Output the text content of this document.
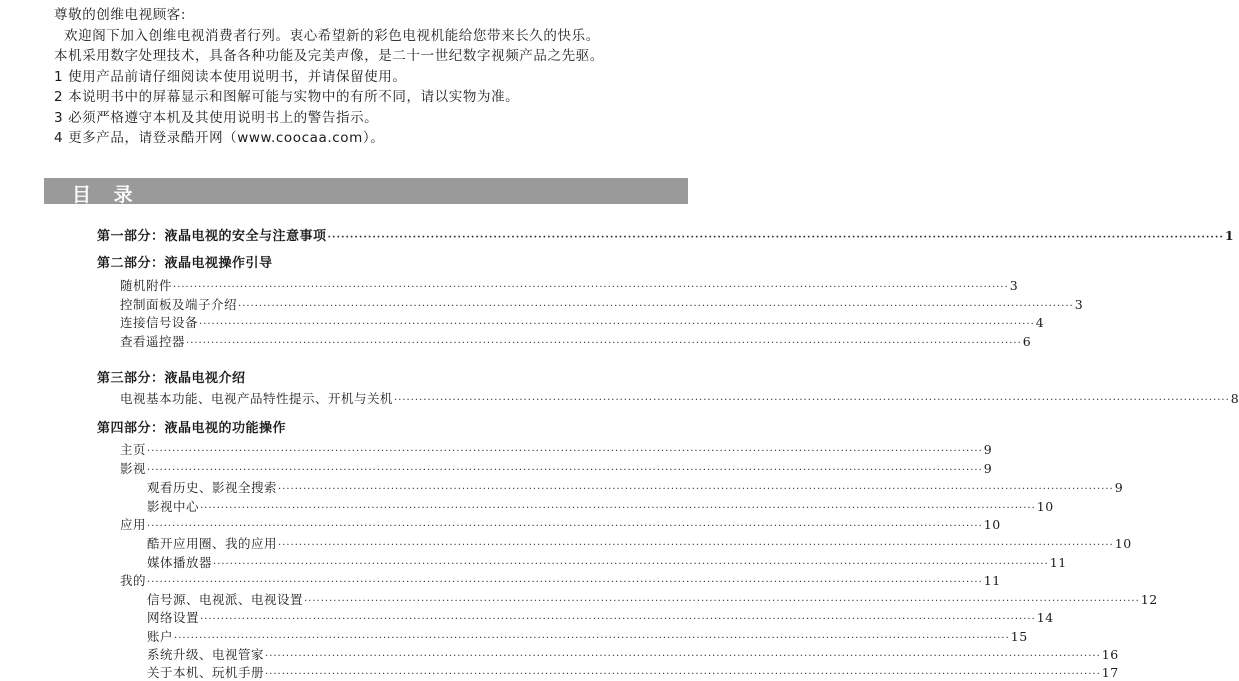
尊敬的创维电视顾客:
欢迎阁下加入创维电视消费者行列。衷心希望新的彩色电视机能给您带来长久的快乐。
本机采用数字处理技术，具备各种功能及完美声像，是二十一世纪数字视频产品之先驱。
1 使用产品前请仔细阅读本使用说明书，并请保留使用。
2 本说明书中的屏幕显示和图解可能与实物中的有所不同，请以实物为准。
3 必须严格遵守本机及其使用说明书上的警告指示。
4 更多产品，请登录酷开网（www.coocaa.com）。
目 录
第一部分：液晶电视的安全与注意事项 ········································································································································································································ 1
第二部分：液晶电视操作引导
随机附件 ········································································································································································································ 3
控制面板及端子介绍 ········································································································································································································ 3
连接信号设备 ········································································································································································································ 4
查看遥控器 ········································································································································································································ 6
第三部分：液晶电视介绍
电视基本功能、电视产品特性提示、开机与关机 ········································································································································································································ 8
第四部分：液晶电视的功能操作
主页 ········································································································································································································ 9
影视 ········································································································································································································ 9
观看历史、影视全搜索 ········································································································································································································ 9
影视中心 ········································································································································································································ 10
应用 ········································································································································································································ 10
酷开应用圈、我的应用 ········································································································································································································ 10
媒体播放器 ········································································································································································································ 11
我的 ········································································································································································································ 11
信号源、电视派、电视设置 ········································································································································································································ 12
网络设置 ········································································································································································································ 14
账户 ········································································································································································································ 15
系统升级、电视管家 ········································································································································································································ 16
关于本机、玩机手册 ········································································································································································································ 17
